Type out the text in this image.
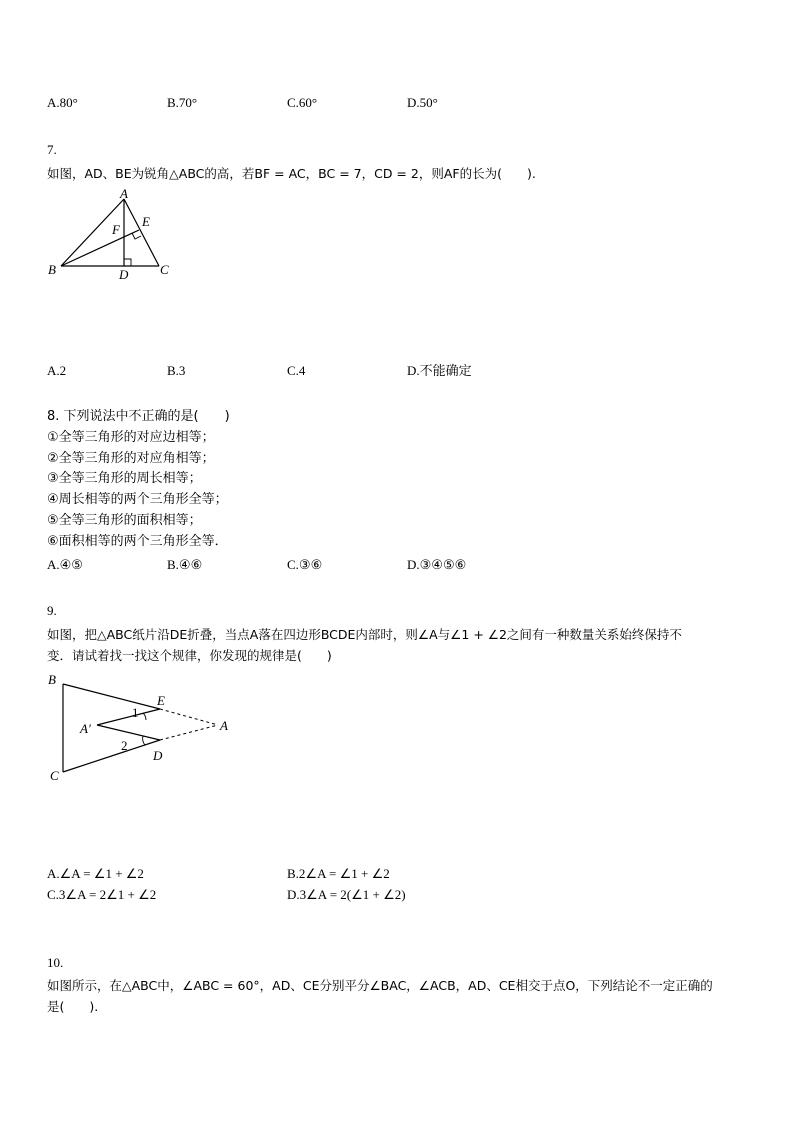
A.80°	B.70°	C.60°	D.50°
7.
如图，AD、BE为锐角△ABC的高，若BF = AC，BC = 7，CD = 2，则AF的长为(　　).
A
B	C
D
E
F
A.2	B.3	C.4	D.不能确定
8. 下列说法中不正确的是(　　)
①全等三角形的对应边相等；
②全等三角形的对应角相等；
③全等三角形的周长相等；
④周长相等的两个三角形全等；
⑤全等三角形的面积相等；
⑥面积相等的两个三角形全等．
A.④⑤	B.④⑥	C.③⑥	D.③④⑤⑥
9.
如图，把△ABC纸片沿DE折叠，当点A落在四边形BCDE内部时，则∠A与∠1 + ∠2之间有一种数量关系始终保持不
变．请试着找一找这个规律，你发现的规律是(　　)
B
C
E
D
A
A′
1
2
A.∠A = ∠1 + ∠2	B.2∠A = ∠1 + ∠2
C.3∠A = 2∠1 + ∠2	D.3∠A = 2(∠1 + ∠2)
10.
如图所示，在△ABC中，∠ABC = 60°，AD、CE分别平分∠BAC，∠ACB，AD、CE相交于点O，下列结论不一定正确的
是(　　).
